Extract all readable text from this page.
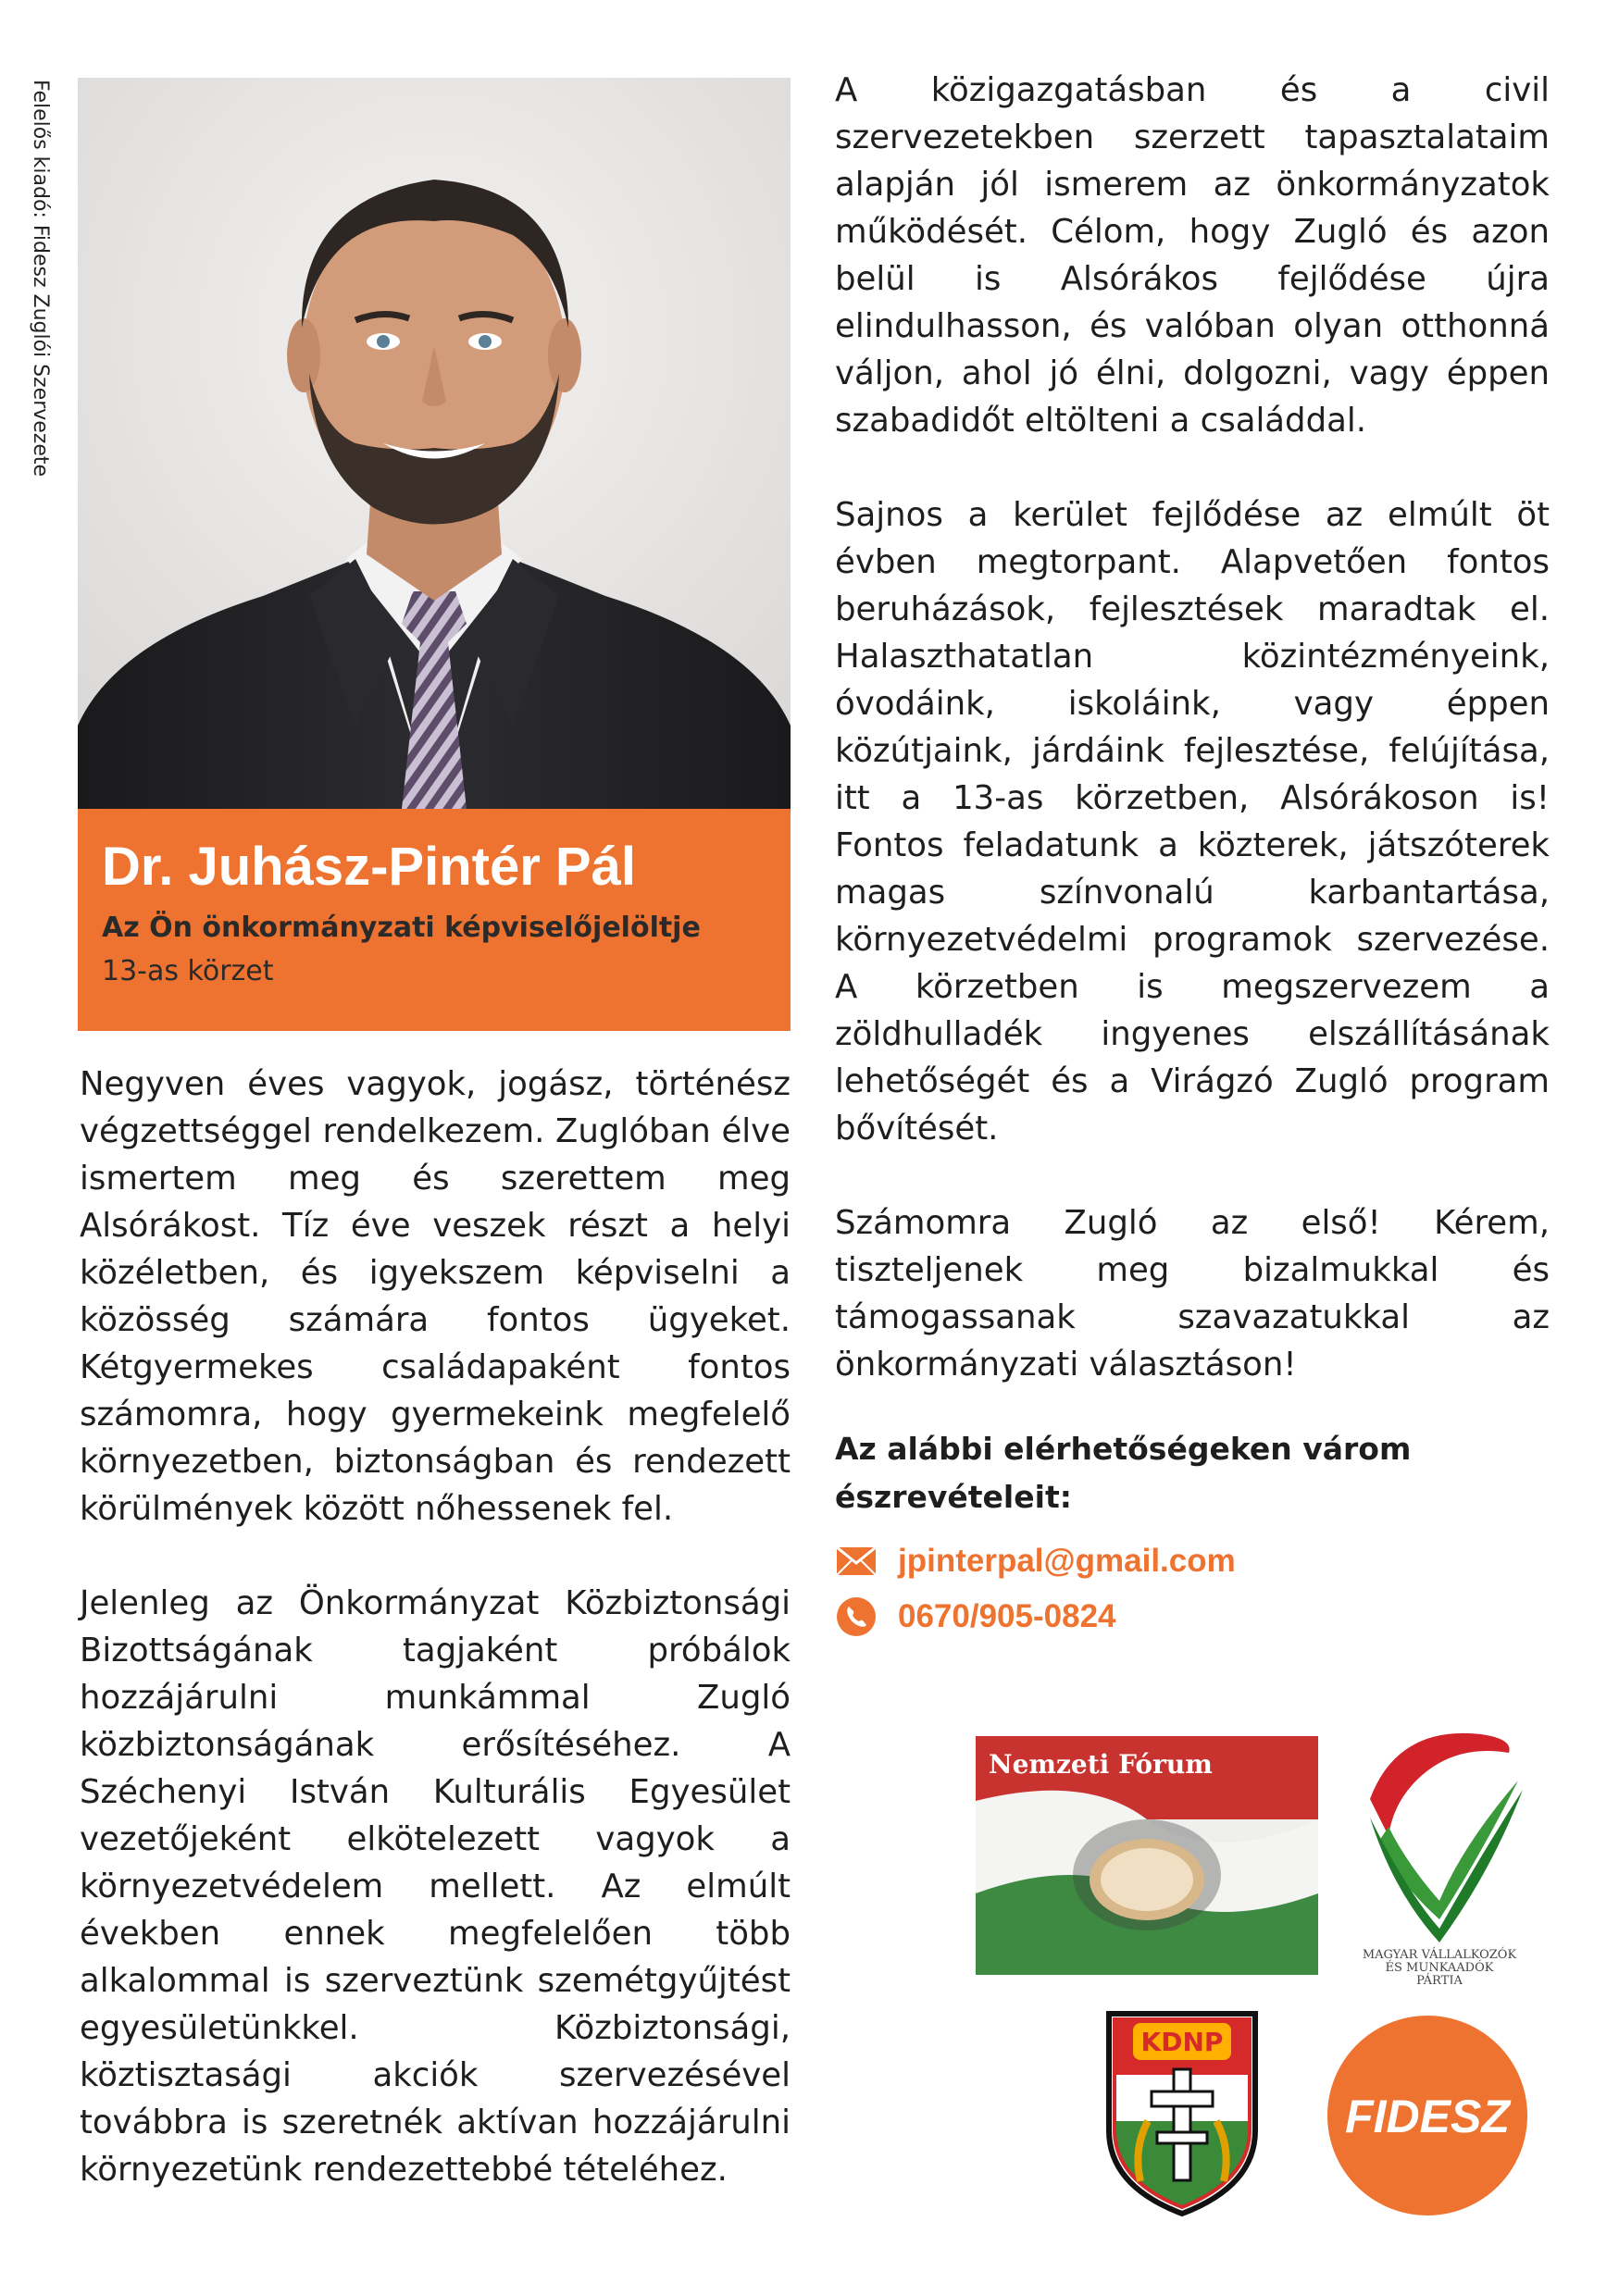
Felelős kiadó: Fidesz Zuglói Szervezete
Dr. Juhász-Pintér Pál
Az Ön önkormányzati képviselőjelöltje
13-as körzet

Negyven éves vagyok, jogász, történész végzettséggel rendelkezem. Zuglóban élve ismertem meg és szerettem meg Alsórákost. Tíz éve veszek részt a helyi közéletben, és igyekszem képviselni a közösség számára fontos ügyeket. Kétgyermekes családapaként fontos számomra, hogy gyermekeink megfelelő környezetben, biztonságban és rendezett körülmények között nőhessenek fel.

Jelenleg az Önkormányzat Közbiztonsági Bizottságának tagjaként próbálok hozzájárulni munkámmal Zugló közbiztonságának erősítéséhez. A Széchenyi István Kulturális Egyesület vezetőjeként elkötelezett vagyok a környezetvédelem mellett. Az elmúlt években ennek megfelelően több alkalommal is szerveztünk szemétgyűjtést egyesületünkkel. Közbiztonsági, köztisztasági akciók szervezésével továbbra is szeretnék aktívan hozzájárulni környezetünk rendezettebbé tételéhez.

A közigazgatásban és a civil szervezetekben szerzett tapasztalataim alapján jól ismerem az önkormányzatok működését. Célom, hogy Zugló és azon belül is Alsórákos fejlődése újra elindulhasson, és valóban olyan otthonná váljon, ahol jó élni, dolgozni, vagy éppen szabadidőt eltölteni a családdal.

Sajnos a kerület fejlődése az elmúlt öt évben megtorpant. Alapvetően fontos beruházások, fejlesztések maradtak el. Halaszthatatlan közintézményeink, óvodáink, iskoláink, vagy éppen közútjaink, járdáink fejlesztése, felújítása, itt a 13-as körzetben, Alsórákoson is! Fontos feladatunk a közterek, játszóterek magas színvonalú karbantartása, környezetvédelmi programok szervezése. A körzetben is megszervezem a zöldhulladék ingyenes elszállításának lehetőségét és a Virágzó Zugló program bővítését.

Számomra Zugló az első! Kérem, tiszteljenek meg bizalmukkal és támogassanak szavazatukkal az önkormányzati választáson!

Az alábbi elérhetőségeken várom észrevételeit:
jpinterpal@gmail.com
0670/905-0824
Nemzeti Fórum
MAGYAR VÁLLALKOZÓK
ÉS MUNKAADÓK
PÁRTJA
KDNP
FIDESZ
